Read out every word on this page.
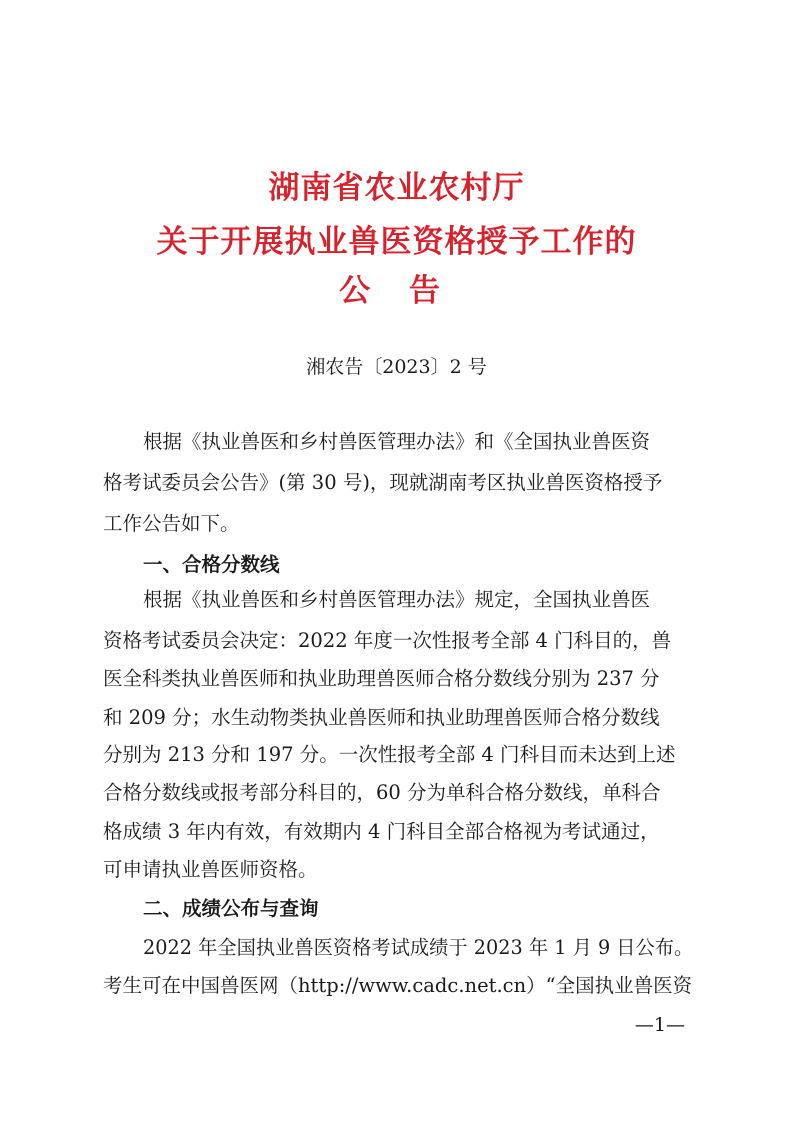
湖南省农业农村厅
关于开展执业兽医资格授予工作的
公 告
湘农告〔2023〕2 号
根据《执业兽医和乡村兽医管理办法》和《全国执业兽医资
格考试委员会公告》(第 30 号)，现就湖南考区执业兽医资格授予
工作公告如下。
一、合格分数线
根据《执业兽医和乡村兽医管理办法》规定，全国执业兽医
资格考试委员会决定：2022 年度一次性报考全部 4 门科目的，兽
医全科类执业兽医师和执业助理兽医师合格分数线分别为 237 分
和 209 分；水生动物类执业兽医师和执业助理兽医师合格分数线
分别为 213 分和 197 分。一次性报考全部 4 门科目而未达到上述
合格分数线或报考部分科目的，60 分为单科合格分数线，单科合
格成绩 3 年内有效，有效期内 4 门科目全部合格视为考试通过，
可申请执业兽医师资格。
二、成绩公布与查询
2022 年全国执业兽医资格考试成绩于 2023 年 1 月 9 日公布。
考生可在中国兽医网（http://www.cadc.net.cn）“全国执业兽医资
—1—
